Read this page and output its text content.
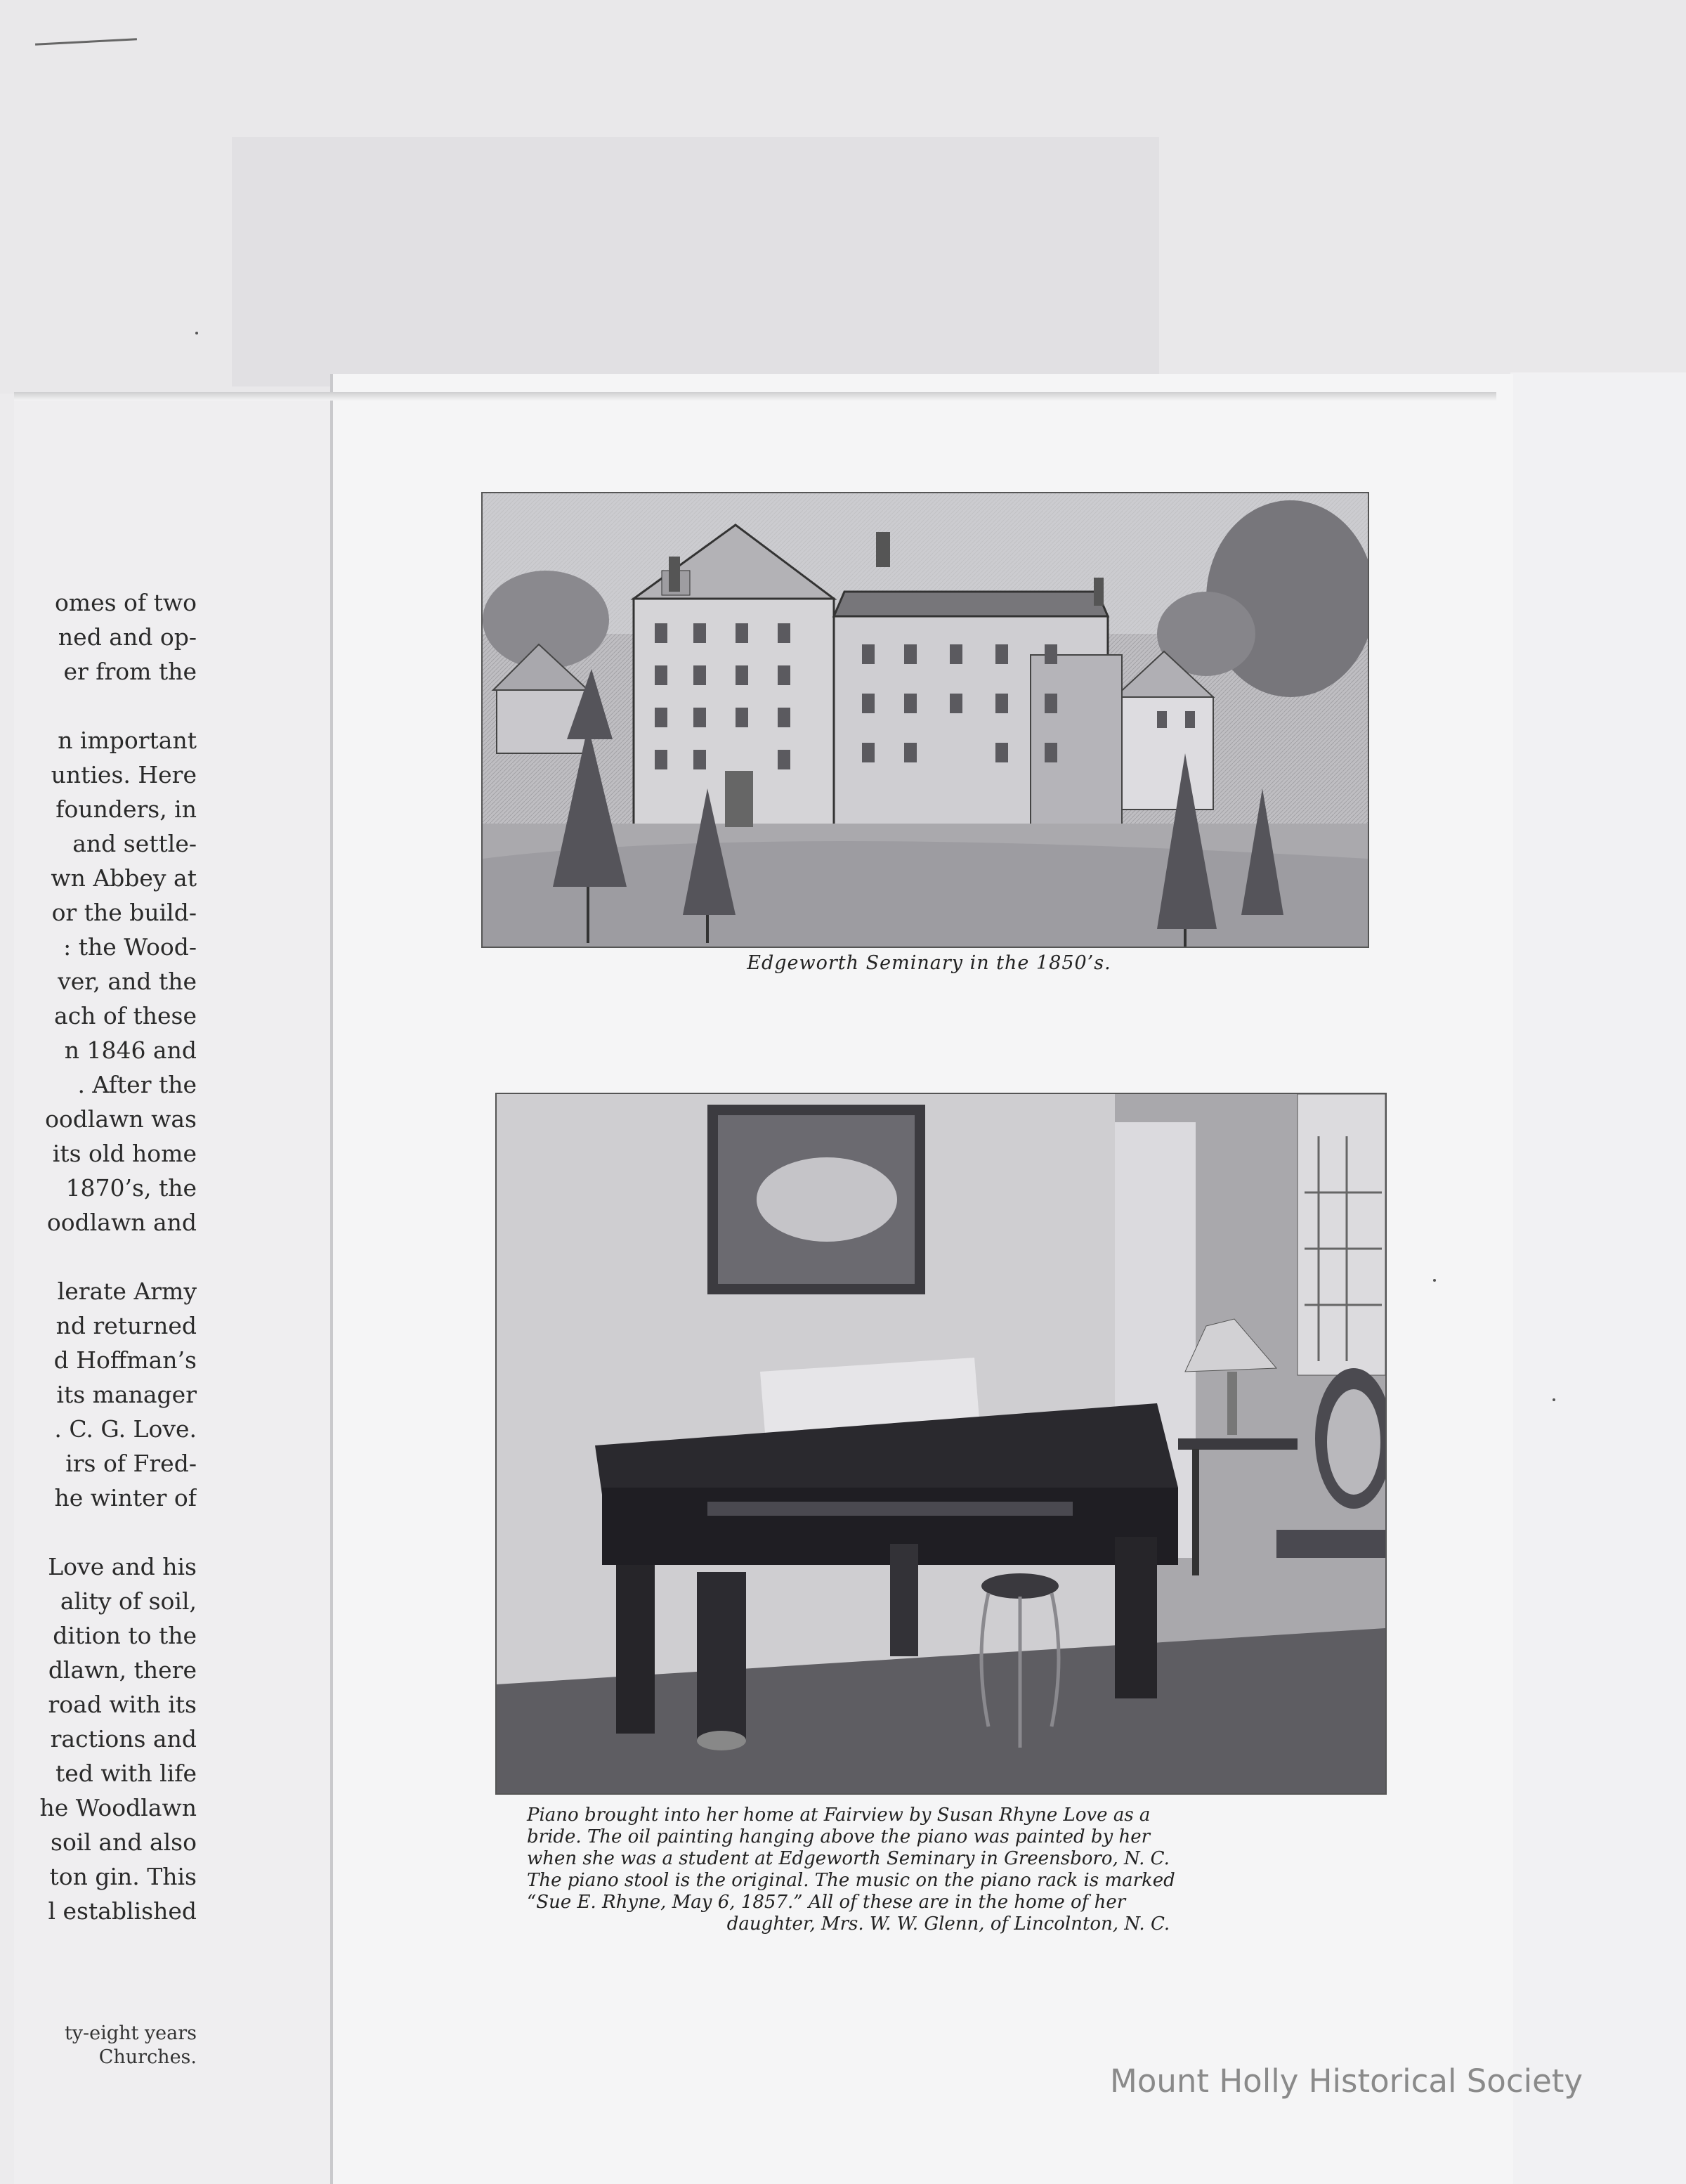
omes of two
ned and op-
er from the
n important
unties. Here
founders, in
and settle-
wn Abbey at
or the build-
: the Wood-
ver, and the
ach of these
n 1846 and
. After the
oodlawn was
its old home
1870’s, the
oodlawn and
lerate Army
nd returned
d Hoffman’s
its manager
. C. G. Love.
irs of Fred-
he winter of
Love and his
ality of soil,
dition to the
dlawn, there
road with its
ractions and
ted with life
he Woodlawn
soil and also
ton gin. This
l established
ty-eight years
Churches.
Edgeworth Seminary in the 1850’s.
Piano brought into her home at Fairview by Susan Rhyne Love as a
bride. The oil painting hanging above the piano was painted by her
when she was a student at Edgeworth Seminary in Greensboro, N. C.
The piano stool is the original. The music on the piano rack is marked
“Sue E. Rhyne, May 6, 1857.” All of these are in the home of her
daughter, Mrs. W. W. Glenn, of Lincolnton, N. C.
Mount Holly Historical Society
